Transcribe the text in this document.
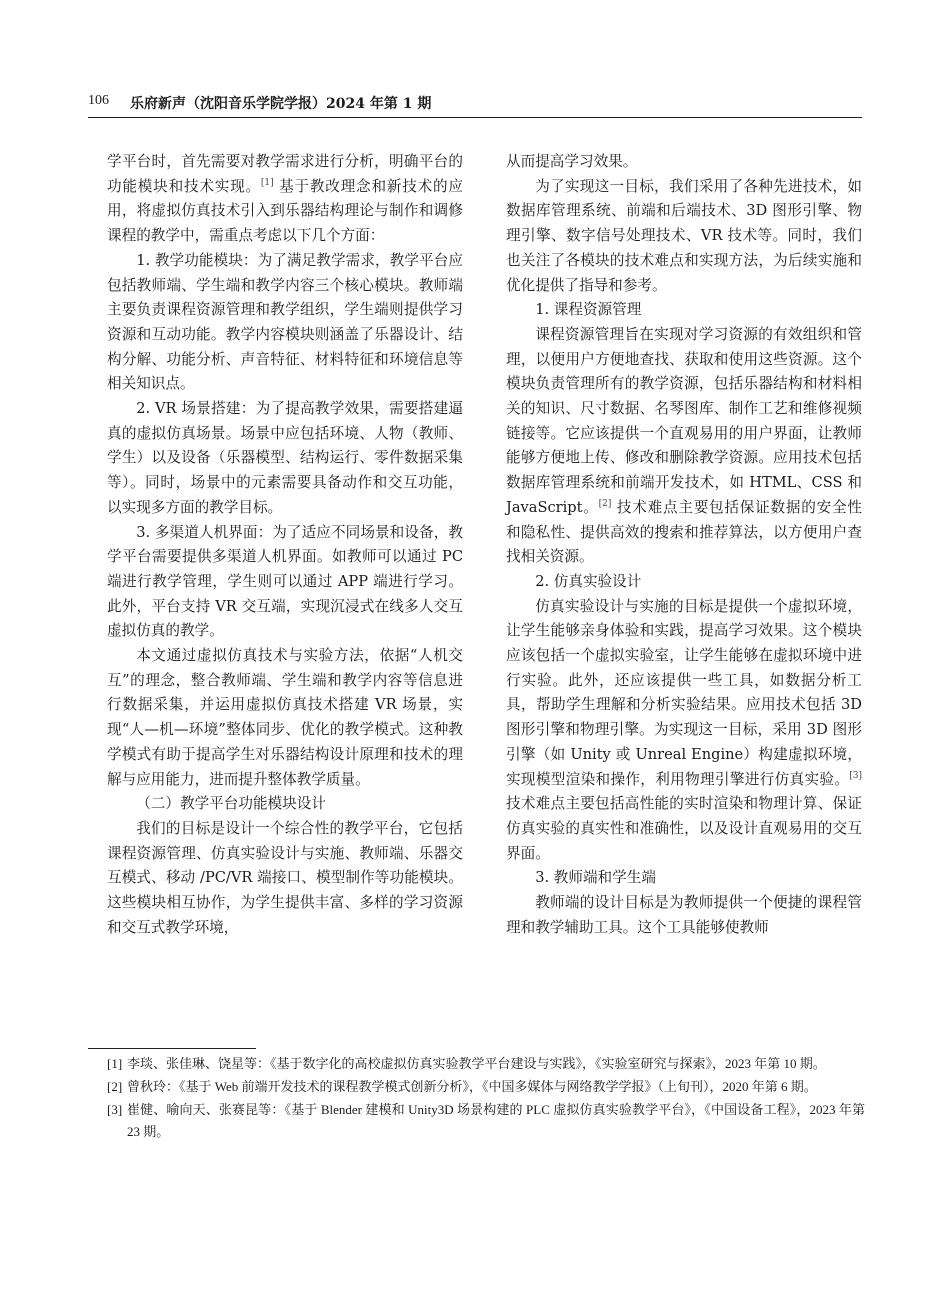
106 乐府新声（沈阳音乐学院学报）2024 年第 1 期

学平台时，首先需要对教学需求进行分析，明确平台的功能模块和技术实现。[1] 基于教改理念和新技术的应用，将虚拟仿真技术引入到乐器结构理论与制作和调修课程的教学中，需重点考虑以下几个方面：

1. 教学功能模块：为了满足教学需求，教学平台应包括教师端、学生端和教学内容三个核心模块。教师端主要负责课程资源管理和教学组织，学生端则提供学习资源和互动功能。教学内容模块则涵盖了乐器设计、结构分解、功能分析、声音特征、材料特征和环境信息等相关知识点。

2. VR 场景搭建：为了提高教学效果，需要搭建逼真的虚拟仿真场景。场景中应包括环境、人物（教师、学生）以及设备（乐器模型、结构运行、零件数据采集等）。同时，场景中的元素需要具备动作和交互功能，以实现多方面的教学目标。

3. 多渠道人机界面：为了适应不同场景和设备，教学平台需要提供多渠道人机界面。如教师可以通过 PC 端进行教学管理，学生则可以通过 APP 端进行学习。此外，平台支持 VR 交互端，实现沉浸式在线多人交互虚拟仿真的教学。

本文通过虚拟仿真技术与实验方法，依据“人机交互”的理念，整合教师端、学生端和教学内容等信息进行数据采集，并运用虚拟仿真技术搭建 VR 场景，实现“人—机—环境”整体同步、优化的教学模式。这种教学模式有助于提高学生对乐器结构设计原理和技术的理解与应用能力，进而提升整体教学质量。

（二）教学平台功能模块设计

我们的目标是设计一个综合性的教学平台，它包括课程资源管理、仿真实验设计与实施、教师端、乐器交互模式、移动 /PC/VR 端接口、模型制作等功能模块。这些模块相互协作，为学生提供丰富、多样的学习资源和交互式教学环境，

从而提高学习效果。

为了实现这一目标，我们采用了各种先进技术，如数据库管理系统、前端和后端技术、3D 图形引擎、物理引擎、数字信号处理技术、VR 技术等。同时，我们也关注了各模块的技术难点和实现方法，为后续实施和优化提供了指导和参考。

1. 课程资源管理

课程资源管理旨在实现对学习资源的有效组织和管理，以便用户方便地查找、获取和使用这些资源。这个模块负责管理所有的教学资源，包括乐器结构和材料相关的知识、尺寸数据、名琴图库、制作工艺和维修视频链接等。它应该提供一个直观易用的用户界面，让教师能够方便地上传、修改和删除教学资源。应用技术包括数据库管理系统和前端开发技术，如 HTML、CSS 和 JavaScript。[2] 技术难点主要包括保证数据的安全性和隐私性、提供高效的搜索和推荐算法，以方便用户查找相关资源。

2. 仿真实验设计

仿真实验设计与实施的目标是提供一个虚拟环境，让学生能够亲身体验和实践，提高学习效果。这个模块应该包括一个虚拟实验室，让学生能够在虚拟环境中进行实验。此外，还应该提供一些工具，如数据分析工具，帮助学生理解和分析实验结果。应用技术包括 3D 图形引擎和物理引擎。为实现这一目标，采用 3D 图形引擎（如 Unity 或 Unreal Engine）构建虚拟环境，实现模型渲染和操作，利用物理引擎进行仿真实验。[3] 技术难点主要包括高性能的实时渲染和物理计算、保证仿真实验的真实性和准确性，以及设计直观易用的交互界面。

3. 教师端和学生端

教师端的设计目标是为教师提供一个便捷的课程管理和教学辅助工具。这个工具能够使教师

[1] 李琰、张佳琳、饶星等：《基于数字化的高校虚拟仿真实验教学平台建设与实践》，《实验室研究与探索》，2023 年第 10 期。
[2] 曾秋玲：《基于 Web 前端开发技术的课程教学模式创新分析》，《中国多媒体与网络教学学报》（上旬刊），2020 年第 6 期。
[3] 崔健、喻向天、张赛昆等：《基于 Blender 建模和 Unity3D 场景构建的 PLC 虚拟仿真实验教学平台》，《中国设备工程》，2023 年第 23 期。
